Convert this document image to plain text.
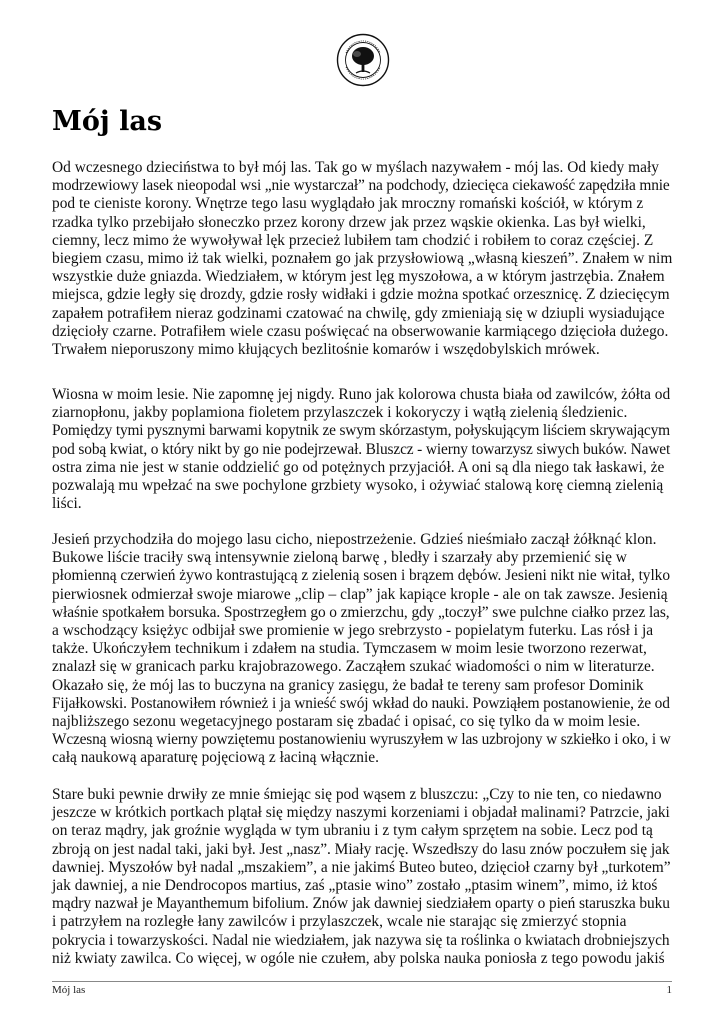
Mój las
Od wczesnego dzieciństwa to był mój las. Tak go w myślach nazywałem - mój las. Od kiedy mały
modrzewiowy lasek nieopodal wsi „nie wystarczał” na podchody, dziecięca ciekawość zapędziła mnie
pod te cieniste korony. Wnętrze tego lasu wyglądało jak mroczny romański kościół, w którym z
rzadka tylko przebijało słoneczko przez korony drzew jak przez wąskie okienka. Las był wielki,
ciemny, lecz mimo że wywoływał lęk przecież lubiłem tam chodzić i robiłem to coraz częściej. Z
biegiem czasu, mimo iż tak wielki, poznałem go jak przysłowiową „własną kieszeń”. Znałem w nim
wszystkie duże gniazda. Wiedziałem, w którym jest lęg myszołowa, a w którym jastrzębia. Znałem
miejsca, gdzie legły się drozdy, gdzie rosły widłaki i gdzie można spotkać orzesznicę. Z dziecięcym
zapałem potrafiłem nieraz godzinami czatować na chwilę, gdy zmieniają się w dziupli wysiadujące
dzięcioły czarne. Potrafiłem wiele czasu poświęcać na obserwowanie karmiącego dzięcioła dużego.
Trwałem nieporuszony mimo kłujących bezlitośnie komarów i wszędobylskich mrówek.
Wiosna w moim lesie. Nie zapomnę jej nigdy. Runo jak kolorowa chusta biała od zawilców, żółta od
ziarnopłonu, jakby poplamiona fioletem przylaszczek i kokoryczy i wątłą zielenią śledzienic.
Pomiędzy tymi pysznymi barwami kopytnik ze swym skórzastym, połyskującym liściem skrywającym
pod sobą kwiat, o który nikt by go nie podejrzewał. Bluszcz - wierny towarzysz siwych buków. Nawet
ostra zima nie jest w stanie oddzielić go od potężnych przyjaciół. A oni są dla niego tak łaskawi, że
pozwalają mu wpełzać na swe pochylone grzbiety wysoko, i ożywiać stalową korę ciemną zielenią
liści.
Jesień przychodziła do mojego lasu cicho, niepostrzeżenie. Gdzieś nieśmiało zaczął żółknąć klon.
Bukowe liście traciły swą intensywnie zieloną barwę , bledły i szarzały aby przemienić się w
płomienną czerwień żywo kontrastującą z zielenią sosen i brązem dębów. Jesieni nikt nie witał, tylko
pierwiosnek odmierzał swoje miarowe „clip – clap” jak kapiące krople - ale on tak zawsze. Jesienią
właśnie spotkałem borsuka. Spostrzegłem go o zmierzchu, gdy „toczył” swe pulchne ciałko przez las,
a wschodzący księżyc odbijał swe promienie w jego srebrzysto - popielatym futerku. Las rósł i ja
także. Ukończyłem technikum i zdałem na studia. Tymczasem w moim lesie tworzono rezerwat,
znalazł się w granicach parku krajobrazowego. Zacząłem szukać wiadomości o nim w literaturze.
Okazało się, że mój las to buczyna na granicy zasięgu, że badał te tereny sam profesor Dominik
Fijałkowski. Postanowiłem również i ja wnieść swój wkład do nauki. Powziąłem postanowienie, że od
najbliższego sezonu wegetacyjnego postaram się zbadać i opisać, co się tylko da w moim lesie.
Wczesną wiosną wierny powziętemu postanowieniu wyruszyłem w las uzbrojony w szkiełko i oko, i w
całą naukową aparaturę pojęciową z łaciną włącznie.
Stare buki pewnie drwiły ze mnie śmiejąc się pod wąsem z bluszczu: „Czy to nie ten, co niedawno
jeszcze w krótkich portkach plątał się między naszymi korzeniami i objadał malinami? Patrzcie, jaki
on teraz mądry, jak groźnie wygląda w tym ubraniu i z tym całym sprzętem na sobie. Lecz pod tą
zbroją on jest nadal taki, jaki był. Jest „nasz”. Miały rację. Wszedłszy do lasu znów poczułem się jak
dawniej. Myszołów był nadal „mszakiem”, a nie jakimś Buteo buteo, dzięcioł czarny był „turkotem”
jak dawniej, a nie Dendrocopos martius, zaś „ptasie wino” zostało „ptasim winem”, mimo, iż ktoś
mądry nazwał je Mayanthemum bifolium. Znów jak dawniej siedziałem oparty o pień staruszka buku
i patrzyłem na rozległe łany zawilców i przylaszczek, wcale nie starając się zmierzyć stopnia
pokrycia i towarzyskości. Nadal nie wiedziałem, jak nazywa się ta roślinka o kwiatach drobniejszych
niż kwiaty zawilca. Co więcej, w ogóle nie czułem, aby polska nauka poniosła z tego powodu jakiś
Mój las	1
